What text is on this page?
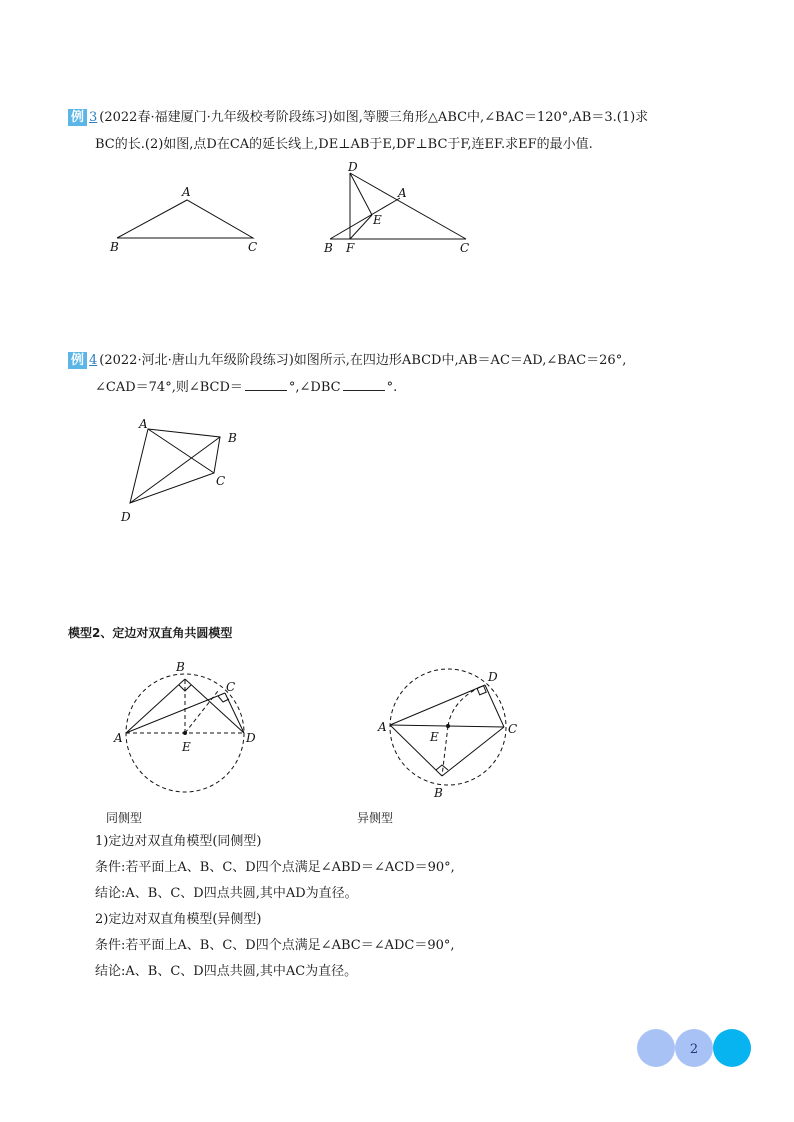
例 3 (2022春·福建厦门·九年级校考阶段练习)如图,等腰三角形△ABC中,∠BAC＝120°,AB＝3.(1)求
BC的长.(2)如图,点D在CA的延长线上,DE⊥AB于E,DF⊥BC于F,连EF.求EF的最小值.
A
B	C
D
A
E
B F	C
例 4 (2022·河北·唐山九年级阶段练习)如图所示,在四边形ABCD中,AB＝AC＝AD,∠BAC＝26°,
∠CAD＝74°,则∠BCD＝	°,∠DBC	°.
A
B
C
D
模型2、定边对双直角共圆模型
B
C
A
E
D
D
A
E
C
B
同侧型	异侧型
1)定边对双直角模型(同侧型)
条件:若平面上A、B、C、D四个点满足∠ABD＝∠ACD＝90°,
结论:A、B、C、D四点共圆,其中AD为直径。
2)定边对双直角模型(异侧型)
条件:若平面上A、B、C、D四个点满足∠ABC＝∠ADC＝90°,
结论:A、B、C、D四点共圆,其中AC为直径。
2
